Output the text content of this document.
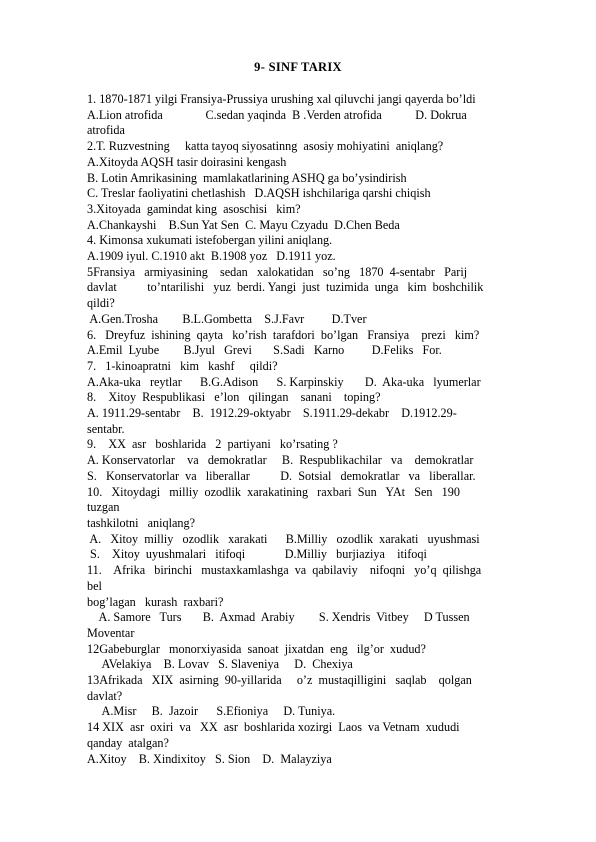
9- SINF TARIX
1. 1870-1871 yilgi Fransiya-Prussiya urushing xal qiluvchi jangi qayerda bo’ldi
A.Lion atrofida              C.sedan yaqinda  B .Verden atrofida           D. Dokrua
atrofida
2.T. Ruzvestning     katta tayoq siyosatinng  asosiy mohiyatini  aniqlang?
A.Xitoyda AQSH tasir doirasini kengash
B. Lotin Amrikasining  mamlakatlarining ASHQ ga bo’ysindirish
C. Treslar faoliyatini chetlashish   D.AQSH ishchilariga qarshi chiqish
3.Xitoyada  gamindat king  asoschisi   kim?
A.Chankayshi    B.Sun Yat Sen  C. Mayu Czyadu  D.Chen Beda
4. Kimonsa xukumati istefobergan yilini aniqlang.
A.1909 iyul. C.1910 akt  B.1908 yoz   D.1911 yoz.
5Fransiya   armiyasining    sedan   xalokatidan   so’ng   1870  4-sentabr   Parij
davlat          to’ntarilishi   yuz  berdi. Yangi  just  tuzimida  unga   kim  boshchilik
qildi?
A.Gen.Trosha        B.L.Gombetta    S.J.Favr         D.Tver
6.   Dreyfuz  ishining  qayta   ko’rish  tarafdori  bo’lgan   Fransiya    prezi   kim?
A.Emil  Lyube        B.Jyul   Grevi       S.Sadi   Karno         D.Feliks   For.
7.   1-kinoapratni   kim   kashf     qildi?
A.Aka-uka   reytlar      B.G.Adison      S. Karpinskiy       D.  Aka-uka   lyumerlar
8.    Xitoy  Respublikasi   e’lon   qilingan    sanani    toping?
A. 1911.29-sentabr    B.  1912.29-oktyabr    S.1911.29-dekabr    D.1912.29-
sentabr.
9.    XX  asr   boshlarida   2  partiyani   ko’rsating ?
A. Konservatorlar    va   demokratlar     B.  Respublikachilar   va    demokratlar
S.   Konservatorlar  va   liberallar          D.  Sotsial   demokratlar   va   liberallar.
10.   Xitoydagi   milliy  ozodlik  xarakatining   raxbari  Sun   YAt   Sen   190
tuzgan
tashkilotni   aniqlang?
A.   Xitoy  milliy   ozodlik   xarakati      B.Milliy   ozodlik  xarakati   uyushmasi
S.    Xitoy  uyushmalari   itifoqi             D.Milliy   burjiaziya    itifoqi
11.    Afrika   birinchi   mustaxkamlashga  va  qabilaviy    nifoqni   yo’q  qilishga
bel
bog’lagan   kurash  raxbari?
A. Samore   Turs       B.  Axmad  Arabiy        S. Xendris  Vitbey     D Tussen
Moventar
12Gabeburglar   monorxiyasida  sanoat  jixatdan  eng   ilg’or  xudud?
AVelakiya    B. Lovav   S. Slaveniya     D.  Chexiya
13Afrikada   XIX  asirning  90-yillarida     o’z  mustaqilligini   saqlab    qolgan
davlat?
A.Misr     B.  Jazoir      S.Efioniya     D. Tuniya.
14 XIX  asr  oxiri  va   XX  asr  boshlarida xozirgi  Laos  va Vetnam  xududi
qanday  atalgan?
A.Xitoy    B. Xindixitoy   S. Sion    D.  Malayziya
